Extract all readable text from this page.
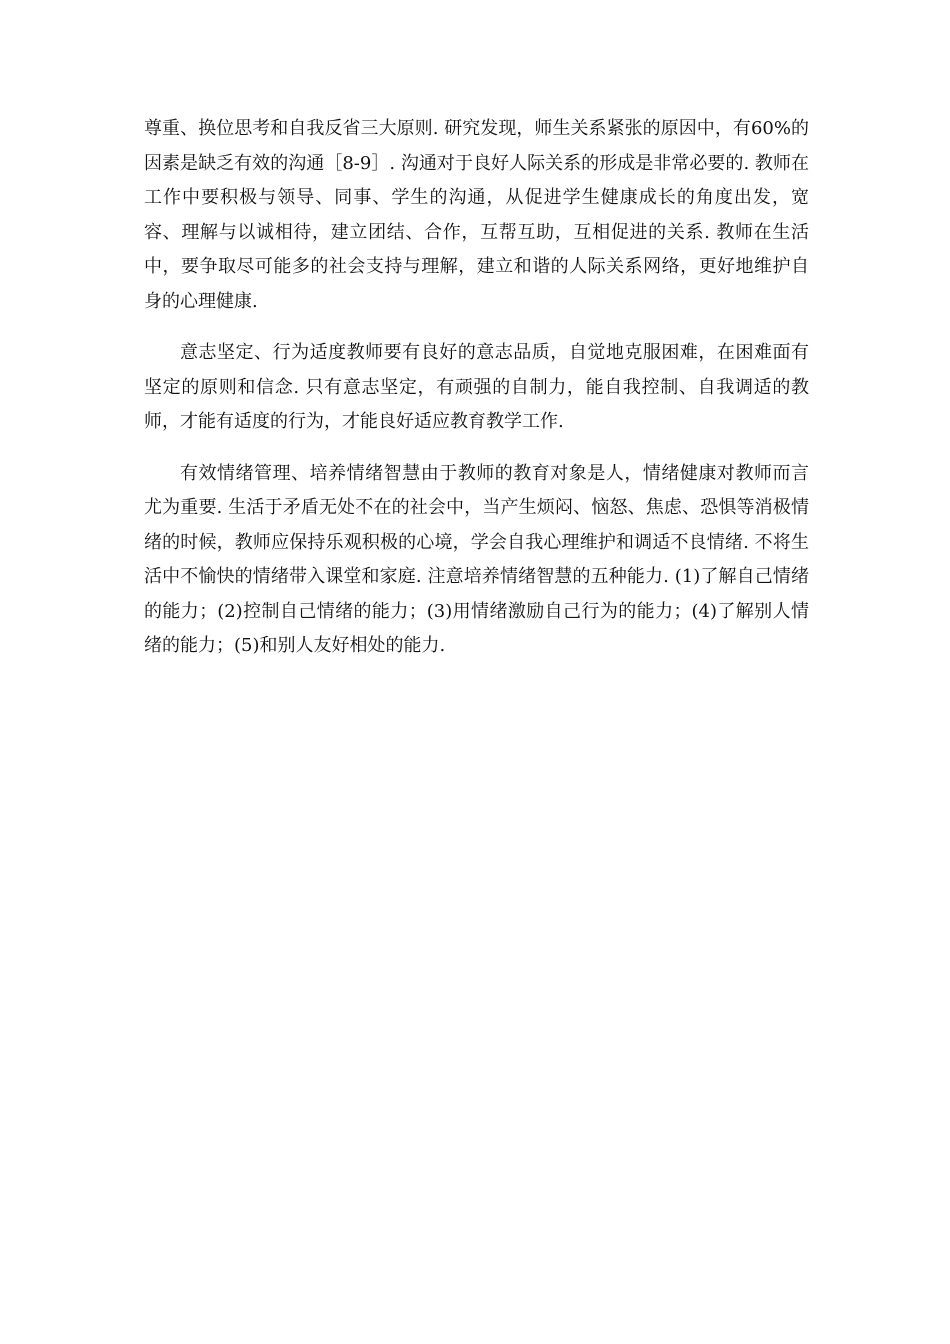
尊重、换位思考和自我反省三大原则. 研究发现，师生关系紧张的原因中，有60%的因素是缺乏有效的沟通［8-9］. 沟通对于良好人际关系的形成是非常必要的. 教师在工作中要积极与领导、同事、学生的沟通，从促进学生健康成长的角度出发，宽容、理解与以诚相待，建立团结、合作，互帮互助，互相促进的关系. 教师在生活中，要争取尽可能多的社会支持与理解，建立和谐的人际关系网络，更好地维护自身的心理健康.

意志坚定、行为适度教师要有良好的意志品质，自觉地克服困难，在困难面有坚定的原则和信念. 只有意志坚定，有顽强的自制力，能自我控制、自我调适的教师，才能有适度的行为，才能良好适应教育教学工作.

有效情绪管理、培养情绪智慧由于教师的教育对象是人，情绪健康对教师而言尤为重要. 生活于矛盾无处不在的社会中，当产生烦闷、恼怒、焦虑、恐惧等消极情绪的时候，教师应保持乐观积极的心境，学会自我心理维护和调适不良情绪. 不将生活中不愉快的情绪带入课堂和家庭. 注意培养情绪智慧的五种能力. (1)了解自己情绪的能力；(2)控制自己情绪的能力；(3)用情绪激励自己行为的能力；(4)了解别人情绪的能力；(5)和别人友好相处的能力.
